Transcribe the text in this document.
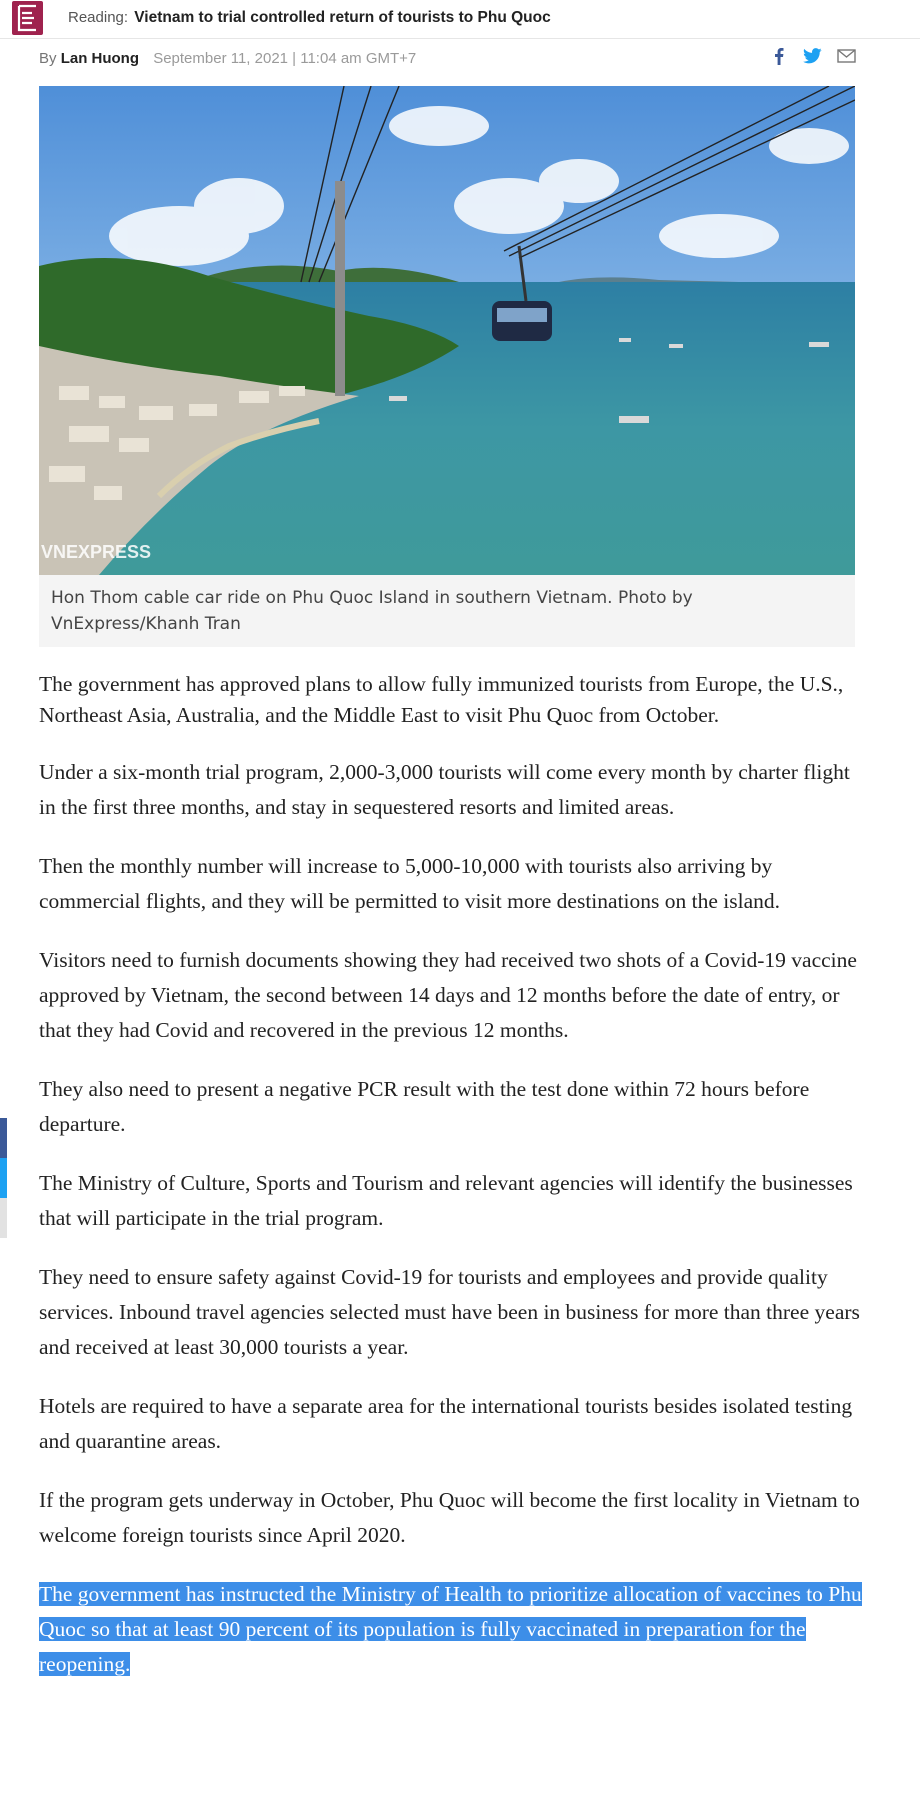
Reading: Vietnam to trial controlled return of tourists to Phu Quoc
By Lan Huong September 11, 2021 | 11:04 am GMT+7
VNEXPRESS
Hon Thom cable car ride on Phu Quoc Island in southern Vietnam. Photo by VnExpress/Khanh Tran

The government has approved plans to allow fully immunized tourists from Europe, the U.S., Northeast Asia, Australia, and the Middle East to visit Phu Quoc from October.

Under a six-month trial program, 2,000-3,000 tourists will come every month by charter flight in the first three months, and stay in sequestered resorts and limited areas.

Then the monthly number will increase to 5,000-10,000 with tourists also arriving by commercial flights, and they will be permitted to visit more destinations on the island.

Visitors need to furnish documents showing they had received two shots of a Covid-19 vaccine approved by Vietnam, the second between 14 days and 12 months before the date of entry, or that they had Covid and recovered in the previous 12 months.

They also need to present a negative PCR result with the test done within 72 hours before departure.

The Ministry of Culture, Sports and Tourism and relevant agencies will identify the businesses that will participate in the trial program.

They need to ensure safety against Covid-19 for tourists and employees and provide quality services. Inbound travel agencies selected must have been in business for more than three years and received at least 30,000 tourists a year.

Hotels are required to have a separate area for the international tourists besides isolated testing and quarantine areas.

If the program gets underway in October, Phu Quoc will become the first locality in Vietnam to welcome foreign tourists since April 2020.

The government has instructed the Ministry of Health to prioritize allocation of vaccines to Phu Quoc so that at least 90 percent of its population is fully vaccinated in preparation for the reopening.
